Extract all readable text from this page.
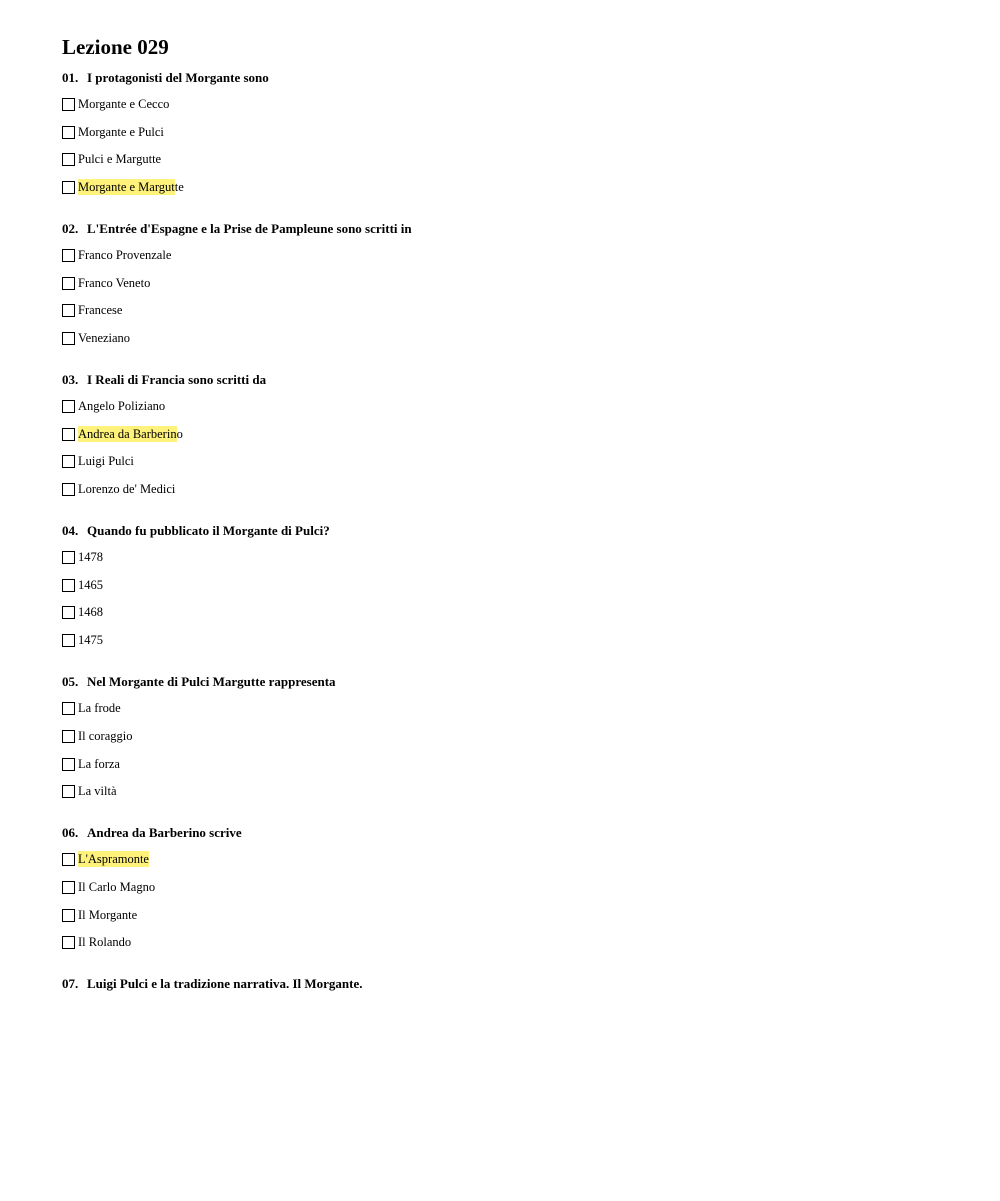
Lezione 029
01. I protagonisti del Morgante sono
Morgante e Cecco
Morgante e Pulci
Pulci e Margutte
Morgante e Margut te
02. L'Entrée d'Espagne e la Prise de Pampleune sono scritti in
Franco Provenzale
Franco Veneto
Francese
Veneziano
03. I Reali di Francia sono scritti da
Angelo Poliziano
Andrea da Barberin o
Luigi Pulci
Lorenzo de' Medici
04. Quando fu pubblicato il Morgante di Pulci?
1478
1465
1468
1475
05. Nel Morgante di Pulci Margutte rappresenta
La frode
Il coraggio
La forza
La viltà
06. Andrea da Barberino scrive
L'Aspramonte
Il Carlo Magno
Il Morgante
Il Rolando
07. Luigi Pulci e la tradizione narrativa. Il Morgante.
